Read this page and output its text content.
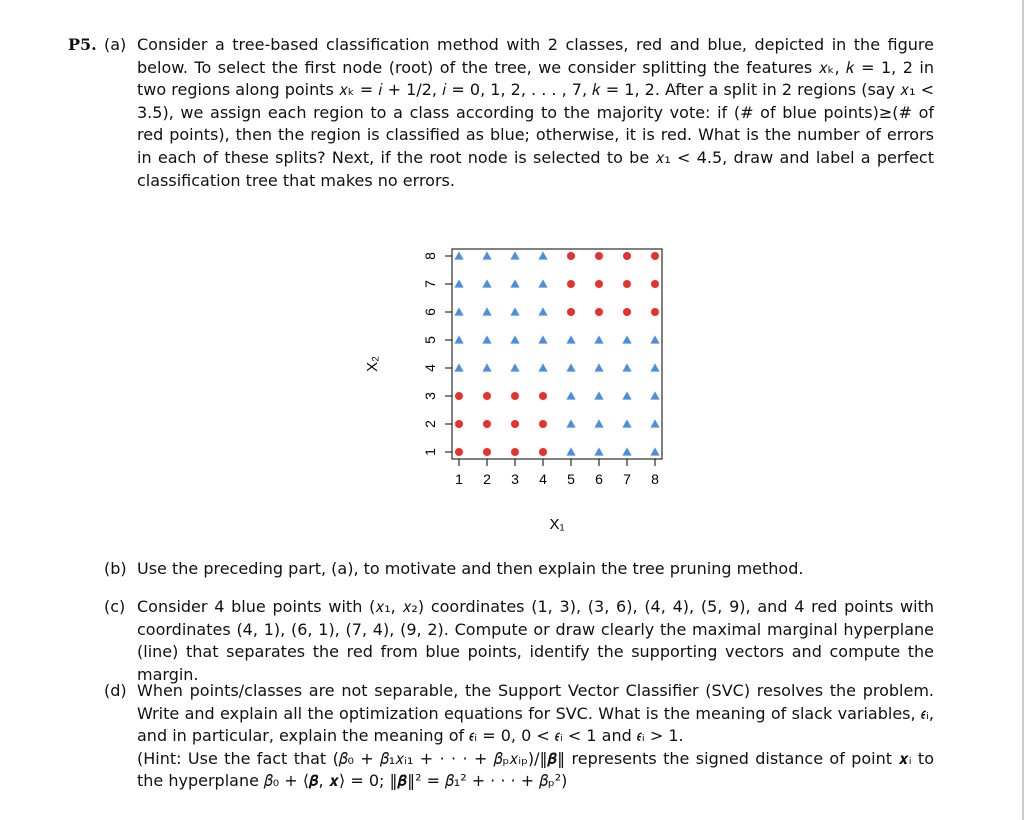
P5. (a) Consider a tree-based classification method with 2 classes, red and blue, depicted in the figure below. To select the first node (root) of the tree, we consider splitting the features 𝑥ₖ, 𝑘 = 1, 2 in two regions along points 𝑥ₖ = 𝑖 + 1/2, 𝑖 = 0, 1, 2, . . . , 7, 𝑘 = 1, 2. After a split in 2 regions (say 𝑥₁ < 3.5), we assign each region to a class according to the majority vote: if (# of blue points)≥(# of red points), then the region is classified as blue; otherwise, it is red. What is the number of errors in each of these splits? Next, if the root node is selected to be 𝑥₁ < 4.5, draw and label a perfect classification tree that makes no errors.

1 2 3 4 5 6 7 8
1
2
3
4
5
6
7
8
X₁
X₂
(b) Use the preceding part, (a), to motivate and then explain the tree pruning method.

(c) Consider 4 blue points with (𝑥₁, 𝑥₂) coordinates (1, 3), (3, 6), (4, 4), (5, 9), and 4 red points with coordinates (4, 1), (6, 1), (7, 4), (9, 2). Compute or draw clearly the maximal marginal hyperplane (line) that separates the red from blue points, identify the supporting vectors and compute the margin.

(d) When points/classes are not separable, the Support Vector Classifier (SVC) resolves the problem. Write and explain all the optimization equations for SVC. What is the meaning of slack variables, 𝜖ᵢ, and in particular, explain the meaning of 𝜖ᵢ = 0, 0 < 𝜖ᵢ < 1 and 𝜖ᵢ > 1.
(Hint: Use the fact that (𝛽₀ + 𝛽₁𝑥ᵢ₁ + · · · + 𝛽ₚ𝑥ᵢₚ)/‖𝜷‖ represents the signed distance of point 𝒙ᵢ to the hyperplane 𝛽₀ + ⟨𝜷, 𝒙⟩ = 0; ‖𝜷‖² = 𝛽₁² + · · · + 𝛽ₚ²)
